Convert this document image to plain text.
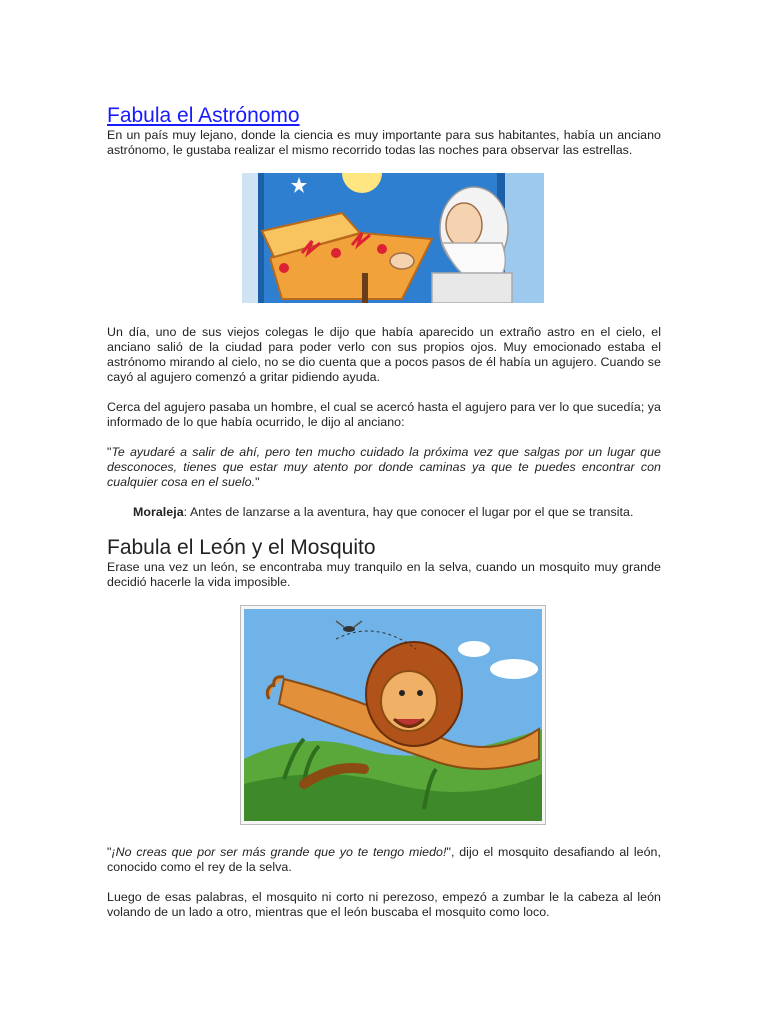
Fabula el Astrónomo

En un país muy lejano, donde la ciencia es muy importante para sus habitantes, había un anciano astrónomo, le gustaba realizar el mismo recorrido todas las noches para observar las estrellas.

Un día, uno de sus viejos colegas le dijo que había aparecido un extraño astro en el cielo, el anciano salió de la ciudad para poder verlo con sus propios ojos. Muy emocionado estaba el astrónomo mirando al cielo, no se dio cuenta que a pocos pasos de él había un agujero. Cuando se cayó al agujero comenzó a gritar pidiendo ayuda.

Cerca del agujero pasaba un hombre, el cual se acercó hasta el agujero para ver lo que sucedía; ya informado de lo que había ocurrido, le dijo al anciano:

"Te ayudaré a salir de ahí, pero ten mucho cuidado la próxima vez que salgas por un lugar que desconoces, tienes que estar muy atento por donde caminas ya que te puedes encontrar con cualquier cosa en el suelo."

Moraleja: Antes de lanzarse a la aventura, hay que conocer el lugar por el que se transita.

Fabula el León y el Mosquito

Erase una vez un león, se encontraba muy tranquilo en la selva, cuando un mosquito muy grande decidió hacerle la vida imposible.

"¡No creas que por ser más grande que yo te tengo miedo!", dijo el mosquito desafiando al león, conocido como el rey de la selva.

Luego de esas palabras, el mosquito ni corto ni perezoso, empezó a zumbar le la cabeza al león volando de un lado a otro, mientras que el león buscaba el mosquito como loco.
